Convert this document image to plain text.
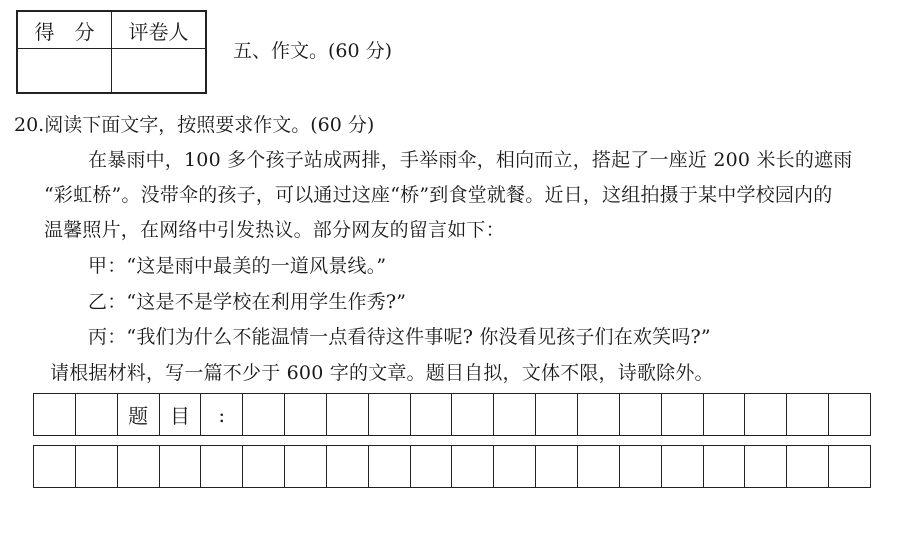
得　分	评卷人

五、作文。(60 分)
20.阅读下面文字，按照要求作文。(60 分)
在暴雨中，100 多个孩子站成两排，手举雨伞，相向而立，搭起了一座近 200 米长的遮雨
“彩虹桥”。没带伞的孩子，可以通过这座“桥”到食堂就餐。近日，这组拍摄于某中学校园内的
温馨照片，在网络中引发热议。部分网友的留言如下：
甲：“这是雨中最美的一道风景线。”
乙：“这是不是学校在利用学生作秀?”
丙：“我们为什么不能温情一点看待这件事呢? 你没看见孩子们在欢笑吗?”
请根据材料，写一篇不少于 600 字的文章。题目自拟，文体不限，诗歌除外。
题	目	:
